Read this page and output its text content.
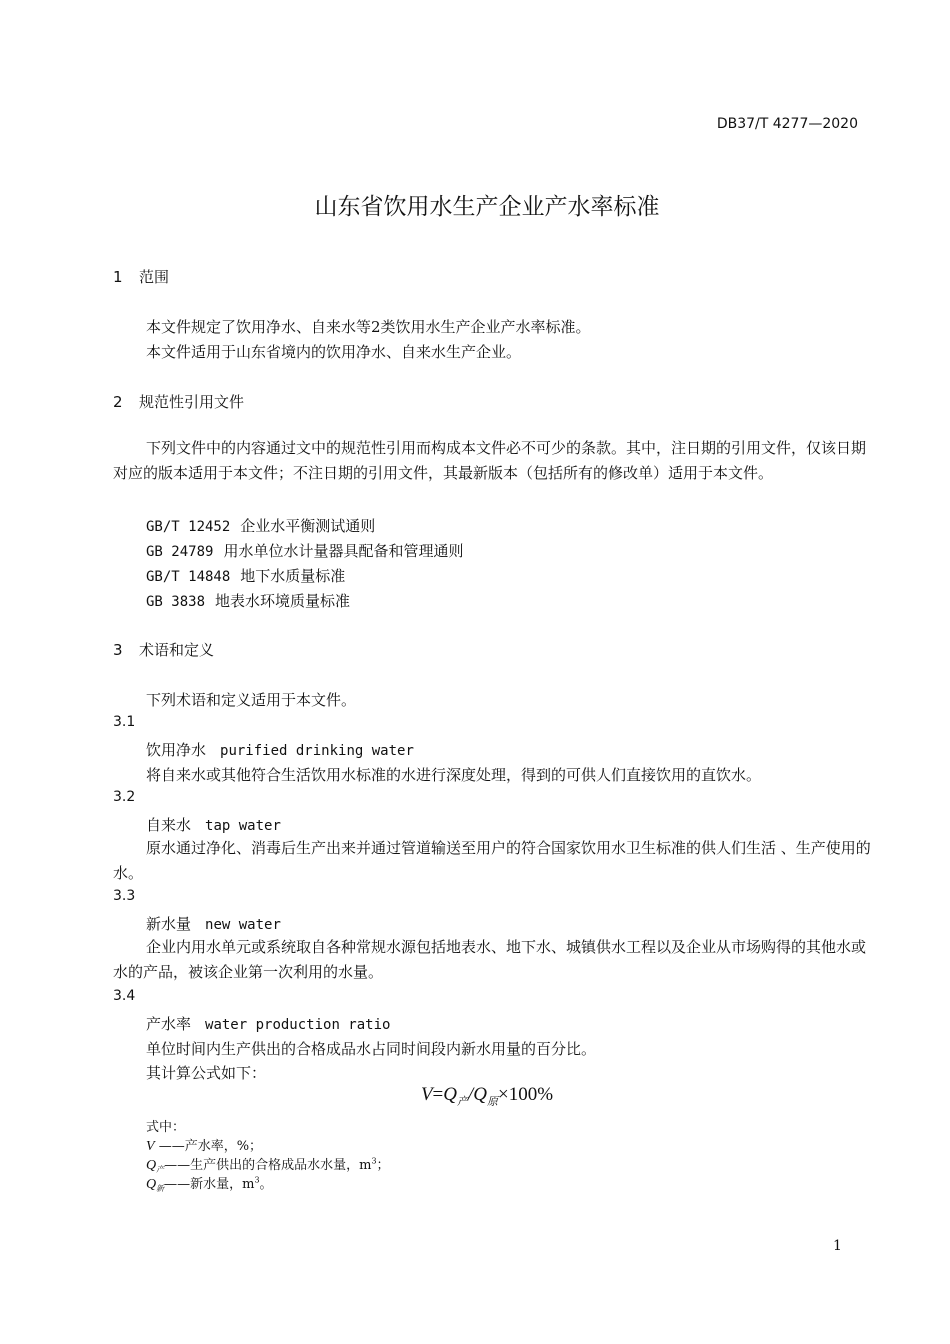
DB37/T 4277—2020
山东省饮用水生产企业产水率标准
1 范围
本文件规定了饮用净水、自来水等2类饮用水生产企业产水率标准。
本文件适用于山东省境内的饮用净水、自来水生产企业。
2 规范性引用文件
下列文件中的内容通过文中的规范性引用而构成本文件必不可少的条款。其中，注日期的引用文件，仅该日期对应的版本适用于本文件；不注日期的引用文件，其最新版本（包括所有的修改单）适用于本文件。
GB/T 12452 企业水平衡测试通则
GB 24789 用水单位水计量器具配备和管理通则
GB/T 14848 地下水质量标准
GB 3838 地表水环境质量标准
3 术语和定义
下列术语和定义适用于本文件。
3.1
饮用净水 purified drinking water
将自来水或其他符合生活饮用水标准的水进行深度处理，得到的可供人们直接饮用的直饮水。
3.2
自来水 tap water
原水通过净化、消毒后生产出来并通过管道输送至用户的符合国家饮用水卫生标准的供人们生活 、生产使用的水。
3.3
新水量 new water
企业内用水单元或系统取自各种常规水源包括地表水、地下水、城镇供水工程以及企业从市场购得的其他水或水的产品，被该企业第一次利用的水量。
3.4
产水率 water production ratio
单位时间内生产供出的合格成品水占同时间段内新水用量的百分比。
其计算公式如下：
$V=Q_产/Q_原\times 100\%$
式中：
V ——产水率，%；
$Q_产——$生产供出的合格成品水水量，$m^3$；
$Q_新——$新水量，$m^3$。
1
